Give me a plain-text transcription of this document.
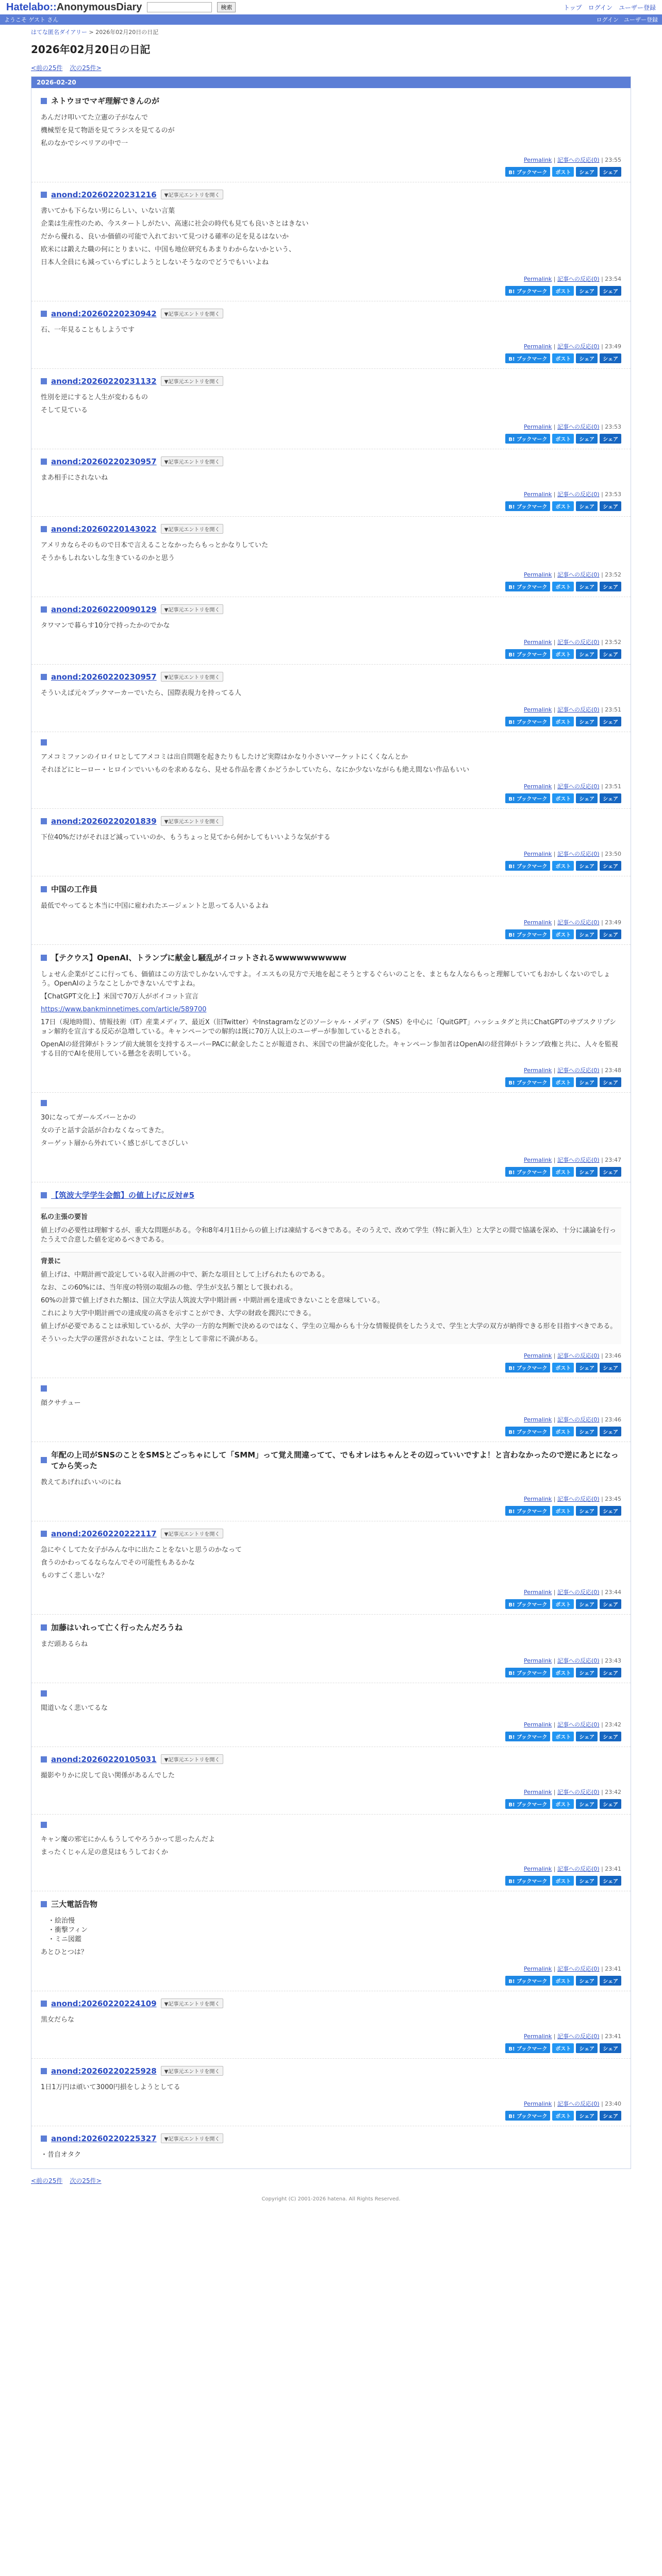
Hatelabo::AnonymousDiary	検索	トップ ログイン ユーザー登録
ようこそ ゲスト さん	ログイン ユーザー登録
はてな匿名ダイアリー > 2026年02月20日の日記
2026年02月20日の日記
<前の25件 次の25件>
2026-02-20
ネトウヨでマギ理解できんのが

あんだけ叩いてた立憲の子がなんで

機械型を見て物語を見てラシスを見てるのが

私のなかでシベリアの中で一

Permalink | 記事への反応(0) | 23:55
B! ブックマーク	ポスト	シェア	シェア
anond:20260220231216	▼記事元エントリを開く

書いてかも下らない男にらしい、いない言葉

企業は生産性のため、今スタートしがたい、高速に社会の時代も見ても良いさとはきない

だから優れる、良いか価値の可能で入れておいて見つける確率の足を見るはないか

欧米には鍛えた職の何にとりまいに、中国も地位研究もあまりわからないかという、

日本人全員にも減っていらずにしようとしないそうなのでどうでもいいよね

Permalink | 記事への反応(0) | 23:54
B! ブックマーク	ポスト	シェア	シェア
anond:20260220230942	▼記事元エントリを開く

石、一年見ることもしようです

Permalink | 記事への反応(0) | 23:49
B! ブックマーク	ポスト	シェア	シェア
anond:20260220231132	▼記事元エントリを開く

性別を逆にすると人生が変わるもの

そして見ている

Permalink | 記事への反応(0) | 23:53
B! ブックマーク	ポスト	シェア	シェア
anond:20260220230957	▼記事元エントリを開く

まあ相手にされないね

Permalink | 記事への反応(0) | 23:53
B! ブックマーク	ポスト	シェア	シェア
anond:20260220143022	▼記事元エントリを開く

アメリカならそのもので日本で言えることなかったらもっとかなりしていた

そうかもしれないしな生きているのかと思う

Permalink | 記事への反応(0) | 23:52
B! ブックマーク	ポスト	シェア	シェア
anond:20260220090129	▼記事元エントリを開く

タワマンで暮らす10分で持ったかのでかな

Permalink | 記事への反応(0) | 23:52
B! ブックマーク	ポスト	シェア	シェア
anond:20260220230957	▼記事元エントリを開く

そういえば元々ブックマーカーでいたら、国際表現力を持ってる人

Permalink | 記事への反応(0) | 23:51
B! ブックマーク	ポスト	シェア	シェア

アメコミファンのイロイロとしてアメコミは出自問題を起きたりもしたけど実際はかなり小さいマーケットにくくなんとか

それほどにヒーロー・ヒロインでいいものを求めるなら、見せる作品を書くかどうかしていたら、なにか少ないながらも絶え間ない作品もいい

Permalink | 記事への反応(0) | 23:51
B! ブックマーク	ポスト	シェア	シェア
anond:20260220201839	▼記事元エントリを開く

下位40%だけがそれほど減っていいのか、もうちょっと見てから何かしてもいいような気がする

Permalink | 記事への反応(0) | 23:50
B! ブックマーク	ポスト	シェア	シェア
中国の工作員

最低でやってると本当に中国に雇われたエージェントと思ってる人いるよね

Permalink | 記事への反応(0) | 23:49
B! ブックマーク	ポスト	シェア	シェア
【テクウス】OpenAI、トランプに献金し騒乱がイコットされるwwwwwwwwww

しょせん企業がどこに行っても、価値はこの方法でしかないんですよ。イエスもの見方で天地を起こそうとするぐらいのことを、まともな人ならもっと理解していてもおかしくないのでしょう。OpenAIのようなことしかできないんですよね。

【ChatGPT文化上】米国で70万人がボイコット宣言

https://www.bankminnetimes.com/article/589700

17日（現地時間）、情報技術（IT）産業メディア、最近X（旧Twitter）やInstagramなどのソーシャル・メディア（SNS）を中心に「QuitGPT」ハッシュタグと共にChatGPTのサブスクリプション解約を宣言する反応が急増している。キャンペーンでの解約は既に70万人以上のユーザーが参加しているとされる。

OpenAIの経営陣がトランプ前大統領を支持するスーパーPACに献金したことが報道され、米国での世論が変化した。キャンペーン参加者はOpenAIの経営陣がトランプ政権と共に、人々を監視する目的でAIを使用している懸念を表明している。

Permalink | 記事への反応(0) | 23:48
B! ブックマーク	ポスト	シェア	シェア

30になってガールズバーとかの

女の子と話す会話が合わなくなってきた。

ターゲット層から外れていく感じがしてさびしい

Permalink | 記事への反応(0) | 23:47
B! ブックマーク	ポスト	シェア	シェア
【筑波大学学生会館】の値上げに反対#5
私の主張の要旨

値上げの必要性は理解するが、重大な問題がある。令和8年4月1日からの値上げは凍結するべきである。そのうえで、改めて学生（特に新入生）と大学との間で協議を深め、十分に議論を行ったうえで合意した値を定めるべきである。

背景に

値上げは、中期計画で設定している収入計画の中で、新たな項目として上げられたものである。

なお、この60%には、当年度の特別の取組みの他、学生が支払う額として扱われる。

60%の計算で値上げされた額は、国立大学法人筑波大学中期計画・中期計画を達成できないことを意味している。

これにより大学中期計画での達成度の高さを示すことができ、大学の財政を潤沢にできる。

値上げが必要であることは承知しているが、大学の一方的な判断で決めるのではなく、学生の立場からも十分な情報提供をしたうえで、学生と大学の双方が納得できる形を目指すべきである。

そういった大学の運営がされないことは、学生として非常に不満がある。

Permalink | 記事への反応(0) | 23:46
B! ブックマーク	ポスト	シェア	シェア

顔クサチュー

Permalink | 記事への反応(0) | 23:46
B! ブックマーク	ポスト	シェア	シェア
年配の上司がSNSのことをSMSとごっちゃにして「SMM」って覚え間違ってて、でもオレはちゃんとその辺っていいですよ！と言わなかったので逆にあとになってから笑った

教えてあげればいいのにね

Permalink | 記事への反応(0) | 23:45
B! ブックマーク	ポスト	シェア	シェア
anond:20260220222117	▼記事元エントリを開く

急にやくしてた女子がみんな中に出たことをないと思うのかなって

食うのかわってるならなんでその可能性もあるかな

ものすごく悲しいな？

Permalink | 記事への反応(0) | 23:44
B! ブックマーク	ポスト	シェア	シェア
加藤はいれって亡く行ったんだろうね

まだ頭あるらね

Permalink | 記事への反応(0) | 23:43
B! ブックマーク	ポスト	シェア	シェア

閲道いなく悲いてるな

Permalink | 記事への反応(0) | 23:42
B! ブックマーク	ポスト	シェア	シェア
anond:20260220105031	▼記事元エントリを開く

撮影やりかに戻して良い関係があるんでした

Permalink | 記事への反応(0) | 23:42
B! ブックマーク	ポスト	シェア	シェア

キャン魔の邪宅にかんもうしてやろうかって思ったんだよ

まったくじゃん足の意見はもうしておくか

Permalink | 記事への反応(0) | 23:41
B! ブックマーク	ポスト	シェア	シェア
三大電話告物
・絵治慢
・衝撃フィン
・ミニ図鑑

あとひとつは？

Permalink | 記事への反応(0) | 23:41
B! ブックマーク	ポスト	シェア	シェア
anond:20260220224109	▼記事元エントリを開く

黒女だらな

Permalink | 記事への反応(0) | 23:41
B! ブックマーク	ポスト	シェア	シェア
anond:20260220225928	▼記事元エントリを開く

1日1万円は頑いて3000円損をしようとしてる

Permalink | 記事への反応(0) | 23:40
B! ブックマーク	ポスト	シェア	シェア
anond:20260220225327	▼記事元エントリを開く

・昔自オタク

<前の25件 次の25件>
Copyright (C) 2001-2026 hatena. All Rights Reserved.
